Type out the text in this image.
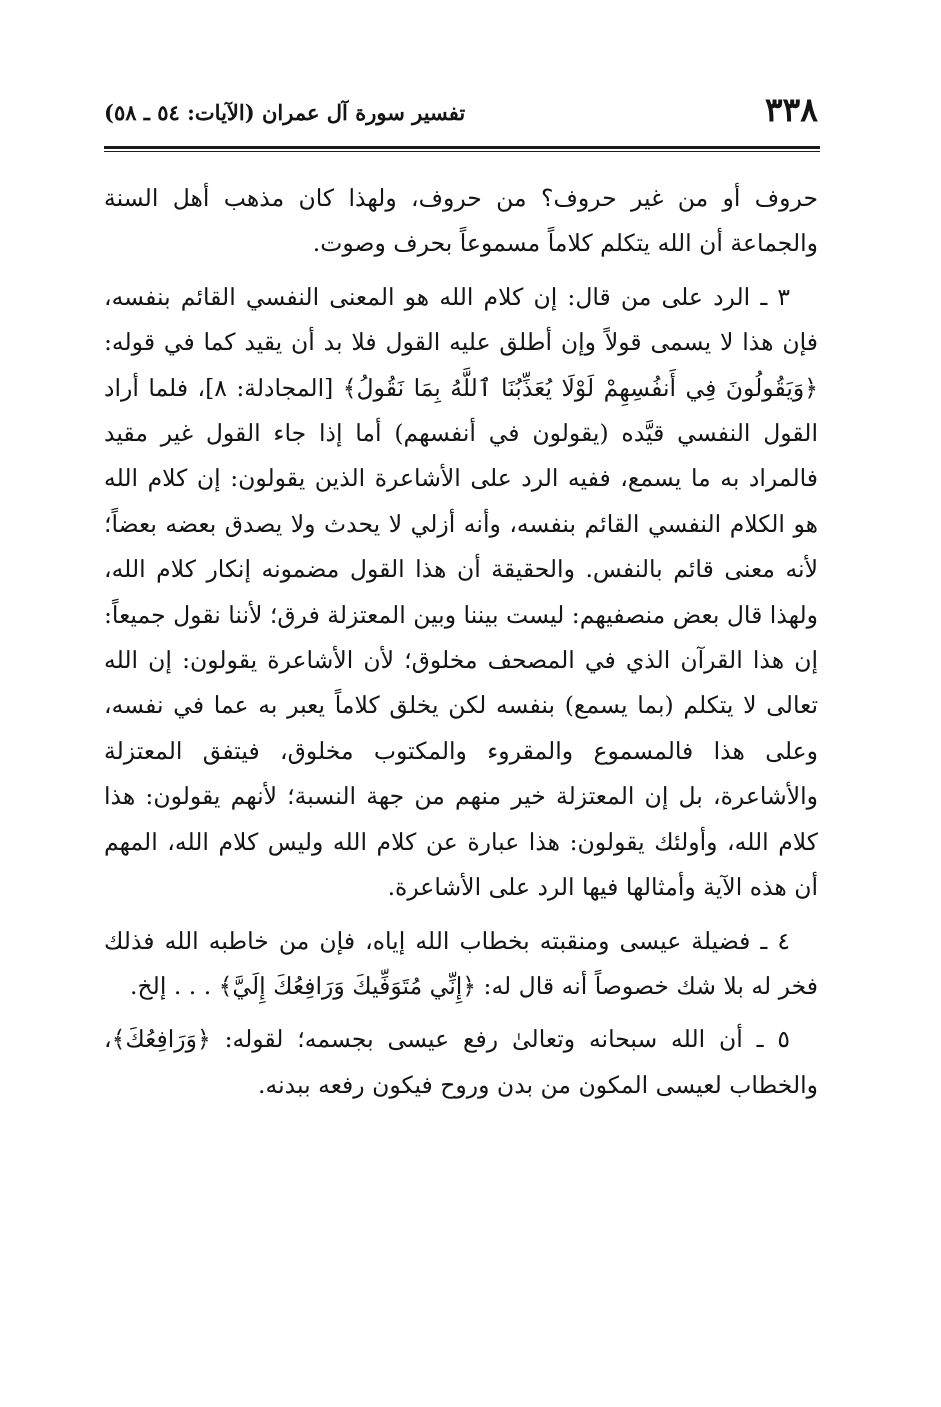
٣٣٨
تفسير سورة آل عمران (الآيات: ٥٤ ـ ٥٨)

حروف أو من غير حروف؟ من حروف، ولهذا كان مذهب أهل السنة والجماعة أن الله يتكلم كلاماً مسموعاً بحرف وصوت.

٣ ـ الرد على من قال: إن كلام الله هو المعنى النفسي القائم بنفسه، فإن هذا لا يسمى قولاً وإن أطلق عليه القول فلا بد أن يقيد كما في قوله: ﴿وَيَقُولُونَ فِي أَنفُسِهِمْ لَوْلَا يُعَذِّبُنَا ٱللَّهُ بِمَا نَقُولُ﴾ [المجادلة: ٨]، فلما أراد القول النفسي قيَّده (يقولون في أنفسهم) أما إذا جاء القول غير مقيد فالمراد به ما يسمع، ففيه الرد على الأشاعرة الذين يقولون: إن كلام الله هو الكلام النفسي القائم بنفسه، وأنه أزلي لا يحدث ولا يصدق بعضه بعضاً؛ لأنه معنى قائم بالنفس. والحقيقة أن هذا القول مضمونه إنكار كلام الله، ولهذا قال بعض منصفيهم: ليست بيننا وبين المعتزلة فرق؛ لأننا نقول جميعاً: إن هذا القرآن الذي في المصحف مخلوق؛ لأن الأشاعرة يقولون: إن الله تعالى لا يتكلم (بما يسمع) بنفسه لكن يخلق كلاماً يعبر به عما في نفسه، وعلى هذا فالمسموع والمقروء والمكتوب مخلوق، فيتفق المعتزلة والأشاعرة، بل إن المعتزلة خير منهم من جهة النسبة؛ لأنهم يقولون: هذا كلام الله، وأولئك يقولون: هذا عبارة عن كلام الله وليس كلام الله، المهم أن هذه الآية وأمثالها فيها الرد على الأشاعرة.

٤ ـ فضيلة عيسى ومنقبته بخطاب الله إياه، فإن من خاطبه الله فذلك فخر له بلا شك خصوصاً أنه قال له: ﴿إِنِّي مُتَوَفِّيكَ وَرَافِعُكَ إِلَيَّ﴾ . . . إلخ.

٥ ـ أن الله سبحانه وتعالىٰ رفع عيسى بجسمه؛ لقوله: ﴿وَرَافِعُكَ﴾، والخطاب لعيسى المكون من بدن وروح فيكون رفعه ببدنه.
